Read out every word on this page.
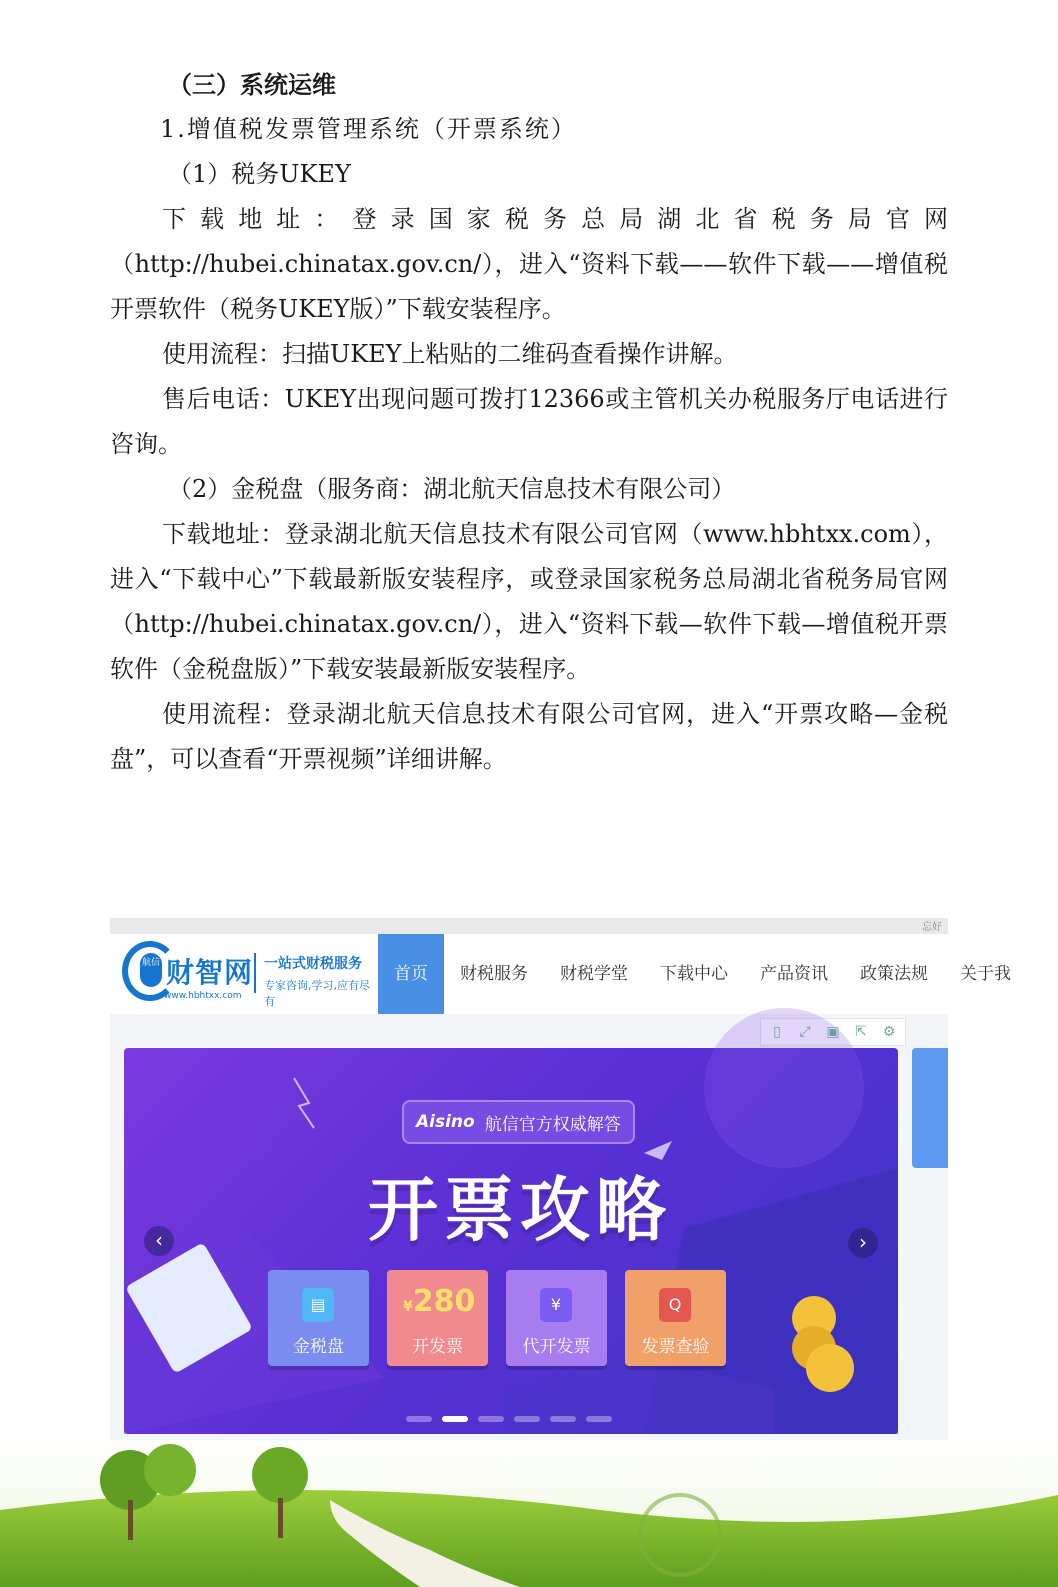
（三）系统运维

1.增值税发票管理系统（开票系统）

（1）税务UKEY

下载地址：登录国家税务总局湖北省税务局官网（http://hubei.chinatax.gov.cn/），进入“资料下载——软件下载——增值税开票软件（税务UKEY版）”下载安装程序。

使用流程：扫描UKEY上粘贴的二维码查看操作讲解。

售后电话：UKEY出现问题可拨打12366或主管机关办税服务厅电话进行咨询。

（2）金税盘（服务商：湖北航天信息技术有限公司）

下载地址：登录湖北航天信息技术有限公司官网（www.hbhtxx.com），进入“下载中心”下载最新版安装程序，或登录国家税务总局湖北省税务局官网（http://hubei.chinatax.gov.cn/），进入“资料下载—软件下载—增值税开票软件（金税盘版）”下载安装最新版安装程序。

使用流程：登录湖北航天信息技术有限公司官网，进入“开票攻略—金税盘”，可以查看“开票视频”详细讲解。

忘好
航信 财智网
www.hbhtxx.com
一站式财税服务
专家咨询,学习,应有尽有
首页	财税服务	财税学堂	下载中心	产品资讯	政策法规	关于我
▯	⤢	▣	⇱	⚙
Aisino 航信官方权威解答
开票攻略
▤
金税盘
¥280
开发票
¥
代开发票
Q
发票查验
‹	›
